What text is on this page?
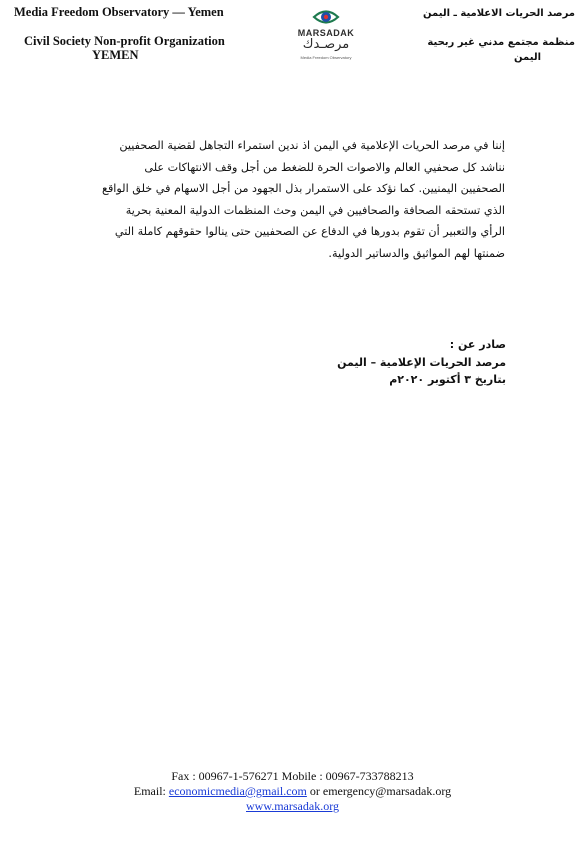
Media Freedom Observatory — Yemen
Civil Society Non-profit Organization
YEMEN
MARSADAK
مرصـدك
Media Freedom Observatory
مرصد الحريات الاعلامية ـ اليمن
منظمة مجتمع مدني غير ربحية
اليمن
إننا في مرصد الحريات الإعلامية في اليمن اذ ندين استمراء التجاهل لقضية الصحفيين
نناشد كل صحفيي العالم والاصوات الحرة للضغط من أجل وقف الانتهاكات على
الصحفيين اليمنيين. كما نؤكد على الاستمرار بذل الجهود من أجل الاسهام في خلق الواقع
الذي تستحقه الصحافة والصحافيين في اليمن وحث المنظمات الدولية المعنية بحرية
الرأي والتعبير أن تقوم بدورها في الدفاع عن الصحفيين حتى ينالوا حقوقهم كاملة التي
ضمنتها لهم المواثيق والدساتير الدولية.
صادر عن :
مرصد الحريات الإعلامية – اليمن
بتاريخ ٣ أكتوبر ٢٠٢٠م
Fax : 00967-1-576271 Mobile : 00967-733788213
Email: economicmedia@gmail.com or emergency@marsadak.org
www.marsadak.org
